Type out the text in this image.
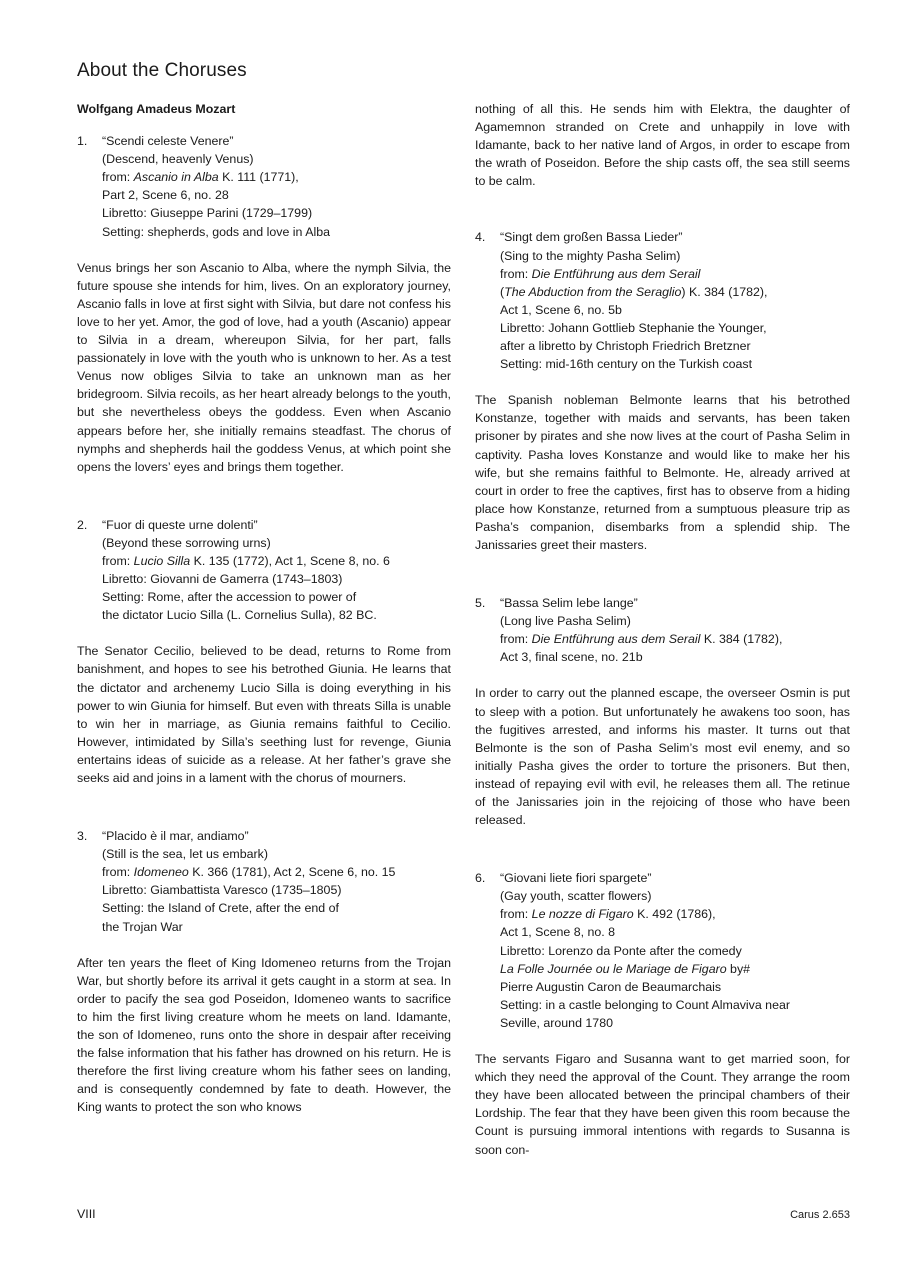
About the Choruses

Wolfgang Amadeus Mozart

1. “Scendi celeste Venere”

(Descend, heavenly Venus)

from: Ascanio in Alba K. 111 (1771),

Part 2, Scene 6, no. 28

Libretto: Giuseppe Parini (1729–1799)

Setting: shepherds, gods and love in Alba

Venus brings her son Ascanio to Alba, where the nymph Silvia, the future spouse she intends for him, lives. On an exploratory journey, Ascanio falls in love at first sight with Silvia, but dare not confess his love to her yet. Amor, the god of love, had a youth (Ascanio) appear to Silvia in a dream, whereupon Silvia, for her part, falls passionately in love with the youth who is unknown to her. As a test Venus now obliges Silvia to take an unknown man as her bridegroom. Silvia recoils, as her heart already belongs to the youth, but she nevertheless obeys the goddess. Even when Ascanio appears before her, she initially remains steadfast. The chorus of nymphs and shepherds hail the goddess Venus, at which point she opens the lovers’ eyes and brings them together.

2. “Fuor di queste urne dolenti”

(Beyond these sorrowing urns)

from: Lucio Silla K. 135 (1772), Act 1, Scene 8, no. 6

Libretto: Giovanni de Gamerra (1743–1803)

Setting: Rome, after the accession to power of

the dictator Lucio Silla (L. Cornelius Sulla), 82 BC.

The Senator Cecilio, believed to be dead, returns to Rome from banishment, and hopes to see his betrothed Giunia. He learns that the dictator and archenemy Lucio Silla is doing everything in his power to win Giunia for himself. But even with threats Silla is unable to win her in marriage, as Giunia remains faithful to Cecilio. However, intimidated by Silla’s seething lust for revenge, Giunia entertains ideas of suicide as a release. At her father’s grave she seeks aid and joins in a lament with the chorus of mourners.

3. “Placido è il mar, andiamo”

(Still is the sea, let us embark)

from: Idomeneo K. 366 (1781), Act 2, Scene 6, no. 15

Libretto: Giambattista Varesco (1735–1805)

Setting: the Island of Crete, after the end of

the Trojan War

After ten years the fleet of King Idomeneo returns from the Trojan War, but shortly before its arrival it gets caught in a storm at sea. In order to pacify the sea god Poseidon, Idomeneo wants to sacrifice to him the first living creature whom he meets on land. Idamante, the son of Idomeneo, runs onto the shore in despair after receiving the false information that his father has drowned on his return. He is therefore the first living creature whom his father sees on landing, and is consequently condemned by fate to death. However, the King wants to protect the son who knows

nothing of all this. He sends him with Elektra, the daughter of Agamemnon stranded on Crete and unhappily in love with Idamante, back to her native land of Argos, in order to escape from the wrath of Poseidon. Before the ship casts off, the sea still seems to be calm.

4. “Singt dem großen Bassa Lieder”

(Sing to the mighty Pasha Selim)

from: Die Entführung aus dem Serail

(The Abduction from the Seraglio) K. 384 (1782),

Act 1, Scene 6, no. 5b

Libretto: Johann Gottlieb Stephanie the Younger,

after a libretto by Christoph Friedrich Bretzner

Setting: mid-16th century on the Turkish coast

The Spanish nobleman Belmonte learns that his betrothed Konstanze, together with maids and servants, has been taken prisoner by pirates and she now lives at the court of Pasha Selim in captivity. Pasha loves Konstanze and would like to make her his wife, but she remains faithful to Belmonte. He, already arrived at court in order to free the captives, first has to observe from a hiding place how Konstanze, returned from a sumptuous pleasure trip as Pasha’s companion, disembarks from a splendid ship. The Janissaries greet their masters.

5. “Bassa Selim lebe lange”

(Long live Pasha Selim)

from: Die Entführung aus dem Serail K. 384 (1782),

Act 3, final scene, no. 21b

In order to carry out the planned escape, the overseer Osmin is put to sleep with a potion. But unfortunately he awakens too soon, has the fugitives arrested, and informs his master. It turns out that Belmonte is the son of Pasha Selim’s most evil enemy, and so initially Pasha gives the order to torture the prisoners. But then, instead of repaying evil with evil, he releases them all. The retinue of the Janissaries join in the rejoicing of those who have been released.

6. “Giovani liete fiori spargete”

(Gay youth, scatter flowers)

from: Le nozze di Figaro K. 492 (1786),

Act 1, Scene 8, no. 8

Libretto: Lorenzo da Ponte after the comedy

La Folle Journée ou le Mariage de Figaro by#

Pierre Augustin Caron de Beaumarchais

Setting: in a castle belonging to Count Almaviva near

Seville, around 1780

The servants Figaro and Susanna want to get married soon, for which they need the approval of the Count. They arrange the room they have been allocated between the principal chambers of their Lordship. The fear that they have been given this room because the Count is pursuing immoral intentions with regards to Susanna is soon con-

VIII	Carus 2.653
